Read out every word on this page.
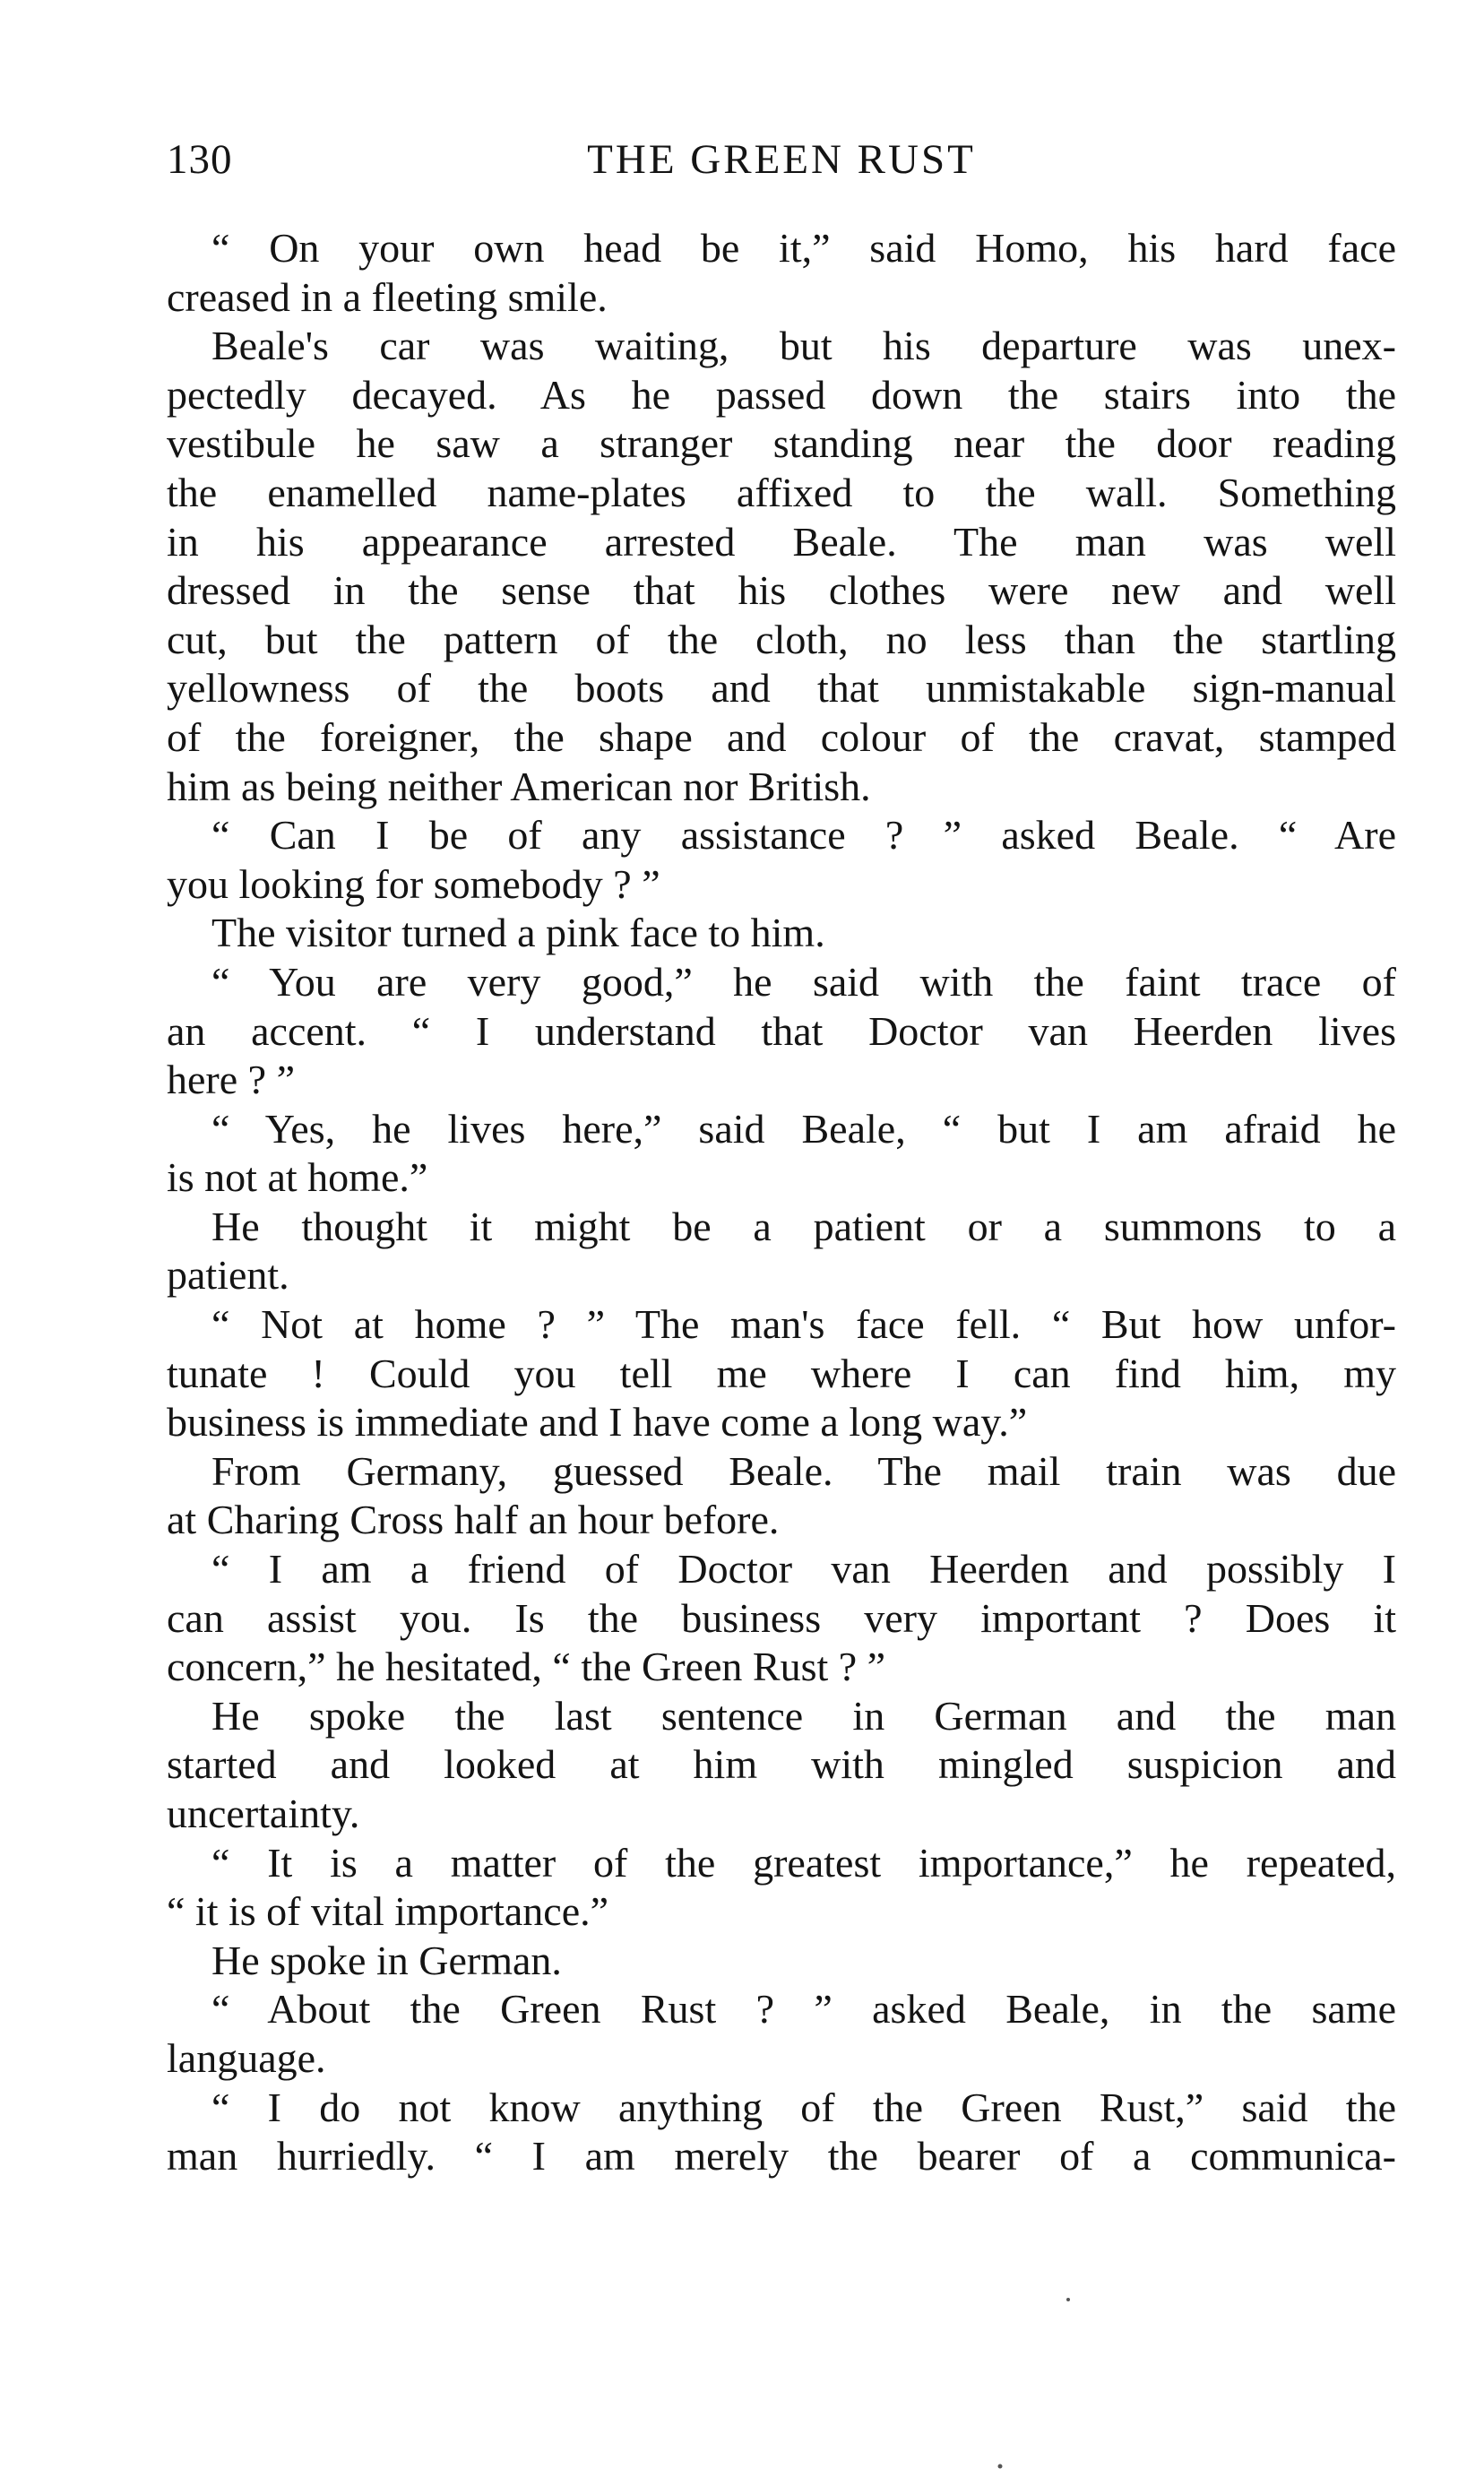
130	THE GREEN RUST
“ On your own head be it,” said Homo, his hard face
creased in a fleeting smile.
Beale's car was waiting, but his departure was unex-
pectedly decayed. As he passed down the stairs into the
vestibule he saw a stranger standing near the door reading
the enamelled name-plates affixed to the wall. Something
in his appearance arrested Beale. The man was well
dressed in the sense that his clothes were new and well
cut, but the pattern of the cloth, no less than the startling
yellowness of the boots and that unmistakable sign-manual
of the foreigner, the shape and colour of the cravat, stamped
him as being neither American nor British.
“ Can I be of any assistance ? ” asked Beale. “ Are
you looking for somebody ? ”
The visitor turned a pink face to him.
“ You are very good,” he said with the faint trace of
an accent. “ I understand that Doctor van Heerden lives
here ? ”
“ Yes, he lives here,” said Beale, “ but I am afraid he
is not at home.”
He thought it might be a patient or a summons to a
patient.
“ Not at home ? ” The man's face fell. “ But how unfor-
tunate ! Could you tell me where I can find him, my
business is immediate and I have come a long way.”
From Germany, guessed Beale. The mail train was due
at Charing Cross half an hour before.
“ I am a friend of Doctor van Heerden and possibly I
can assist you. Is the business very important ? Does it
concern,” he hesitated, “ the Green Rust ? ”
He spoke the last sentence in German and the man
started and looked at him with mingled suspicion and
uncertainty.
“ It is a matter of the greatest importance,” he repeated,
“ it is of vital importance.”
He spoke in German.
“ About the Green Rust ? ” asked Beale, in the same
language.
“ I do not know anything of the Green Rust,” said the
man hurriedly. “ I am merely the bearer of a communica-
